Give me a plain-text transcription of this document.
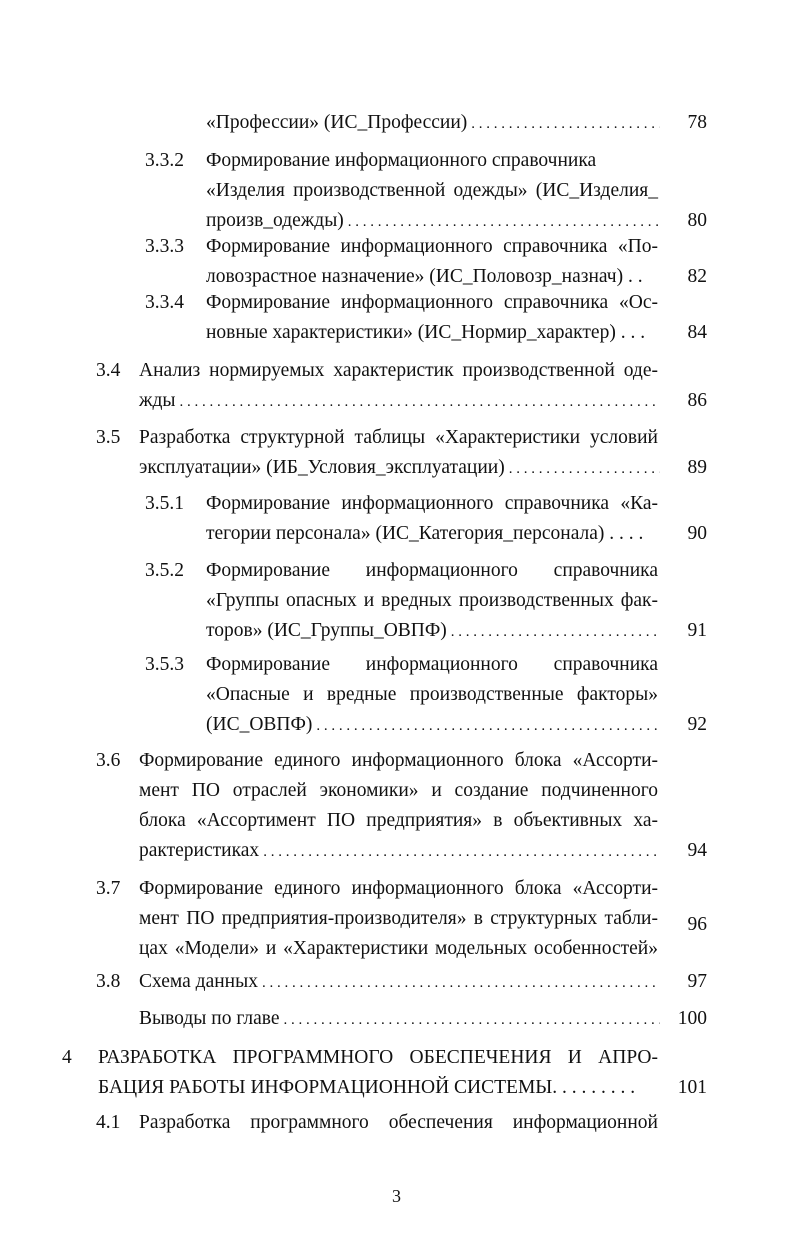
«Профессии» (ИС_Профессии) . . .	78
3.3.2 Формирование информационного справочника
«Изделия производственной одежды» (ИС_Изделия_
произв_одежды) . . .	80
3.3.3 Формирование информационного справочника «По-
ловозрастное назначение» (ИС_Половозр_назнач) . . 82
3.3.4 Формирование информационного справочника «Ос-
новные характеристики» (ИС_Нормир_характер) . . . 84
3.4 Анализ нормируемых характеристик производственной оде-
жды . . .	86
3.5 Разработка структурной таблицы «Характеристики условий
эксплуатации» (ИБ_Условия_эксплуатации) . . .	89
3.5.1 Формирование информационного справочника «Ка-
тегории персонала» (ИС_Категория_персонала) . . . . 90
3.5.2 Формирование информационного справочника
«Группы опасных и вредных производственных фак-
торов» (ИС_Группы_ОВПФ) . . .	91
3.5.3 Формирование информационного справочника
«Опасные и вредные производственные факторы»
(ИС_ОВПФ) . . .	92
3.6 Формирование единого информационного блока «Ассорти-
мент ПО отраслей экономики» и создание подчиненного
блока «Ассортимент ПО предприятия» в объективных ха-
рактеристиках . . .	94
3.7 Формирование единого информационного блока «Ассорти-
мент ПО предприятия-производителя» в структурных табли-
цах «Модели» и «Характеристики модельных особенностей»
96
3.8 Схема данных . . .	97
Выводы по главе . . .	100
4 РАЗРАБОТКА ПРОГРАММНОГО ОБЕСПЕЧЕНИЯ И АПРО-
БАЦИЯ РАБОТЫ ИНФОРМАЦИОННОЙ СИСТЕМЫ. . . . . . . . . 101
4.1 Разработка программного обеспечения информационной
3
